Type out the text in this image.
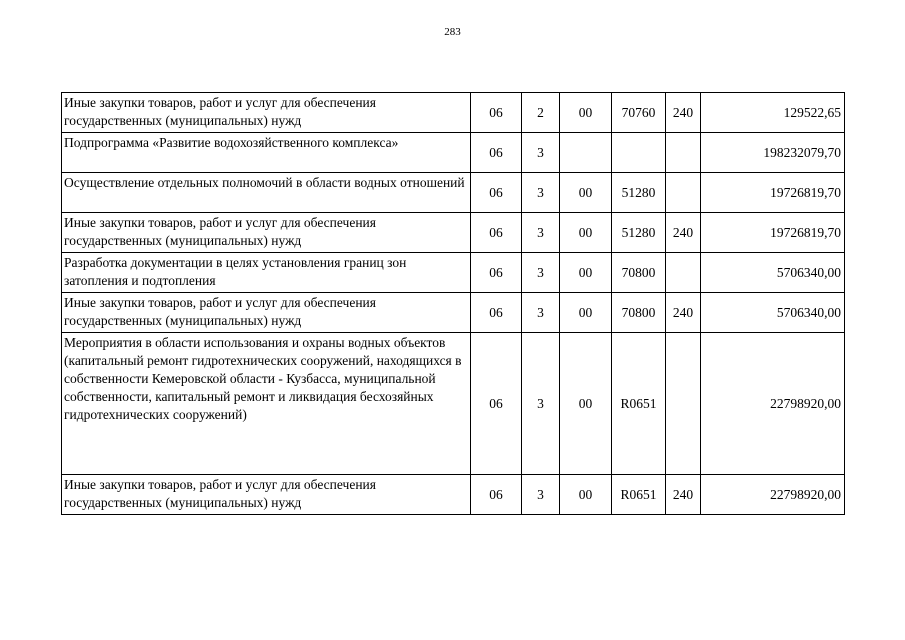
283
Иные закупки товаров, работ и услуг для обеспечения государственных (муниципальных) нужд	06	2	00	70760	240	129522,65
Подпрограмма «Развитие водохозяйственного комплекса»	06	3				198232079,70
Осуществление отдельных полномочий в области водных отношений	06	3	00	51280		19726819,70
Иные закупки товаров, работ и услуг для обеспечения государственных (муниципальных) нужд	06	3	00	51280	240	19726819,70
Разработка документации в целях установления границ зон затопления и подтопления	06	3	00	70800		5706340,00
Иные закупки товаров, работ и услуг для обеспечения государственных (муниципальных) нужд	06	3	00	70800	240	5706340,00
Мероприятия в области использования и охраны водных объектов (капитальный ремонт гидротехнических сооружений, находящихся в собственности Кемеровской области - Кузбасса, муниципальной собственности, капитальный ремонт и ликвидация бесхозяйных гидротехнических сооружений)	06	3	00	R0651		22798920,00
Иные закупки товаров, работ и услуг для обеспечения государственных (муниципальных) нужд	06	3	00	R0651	240	22798920,00
